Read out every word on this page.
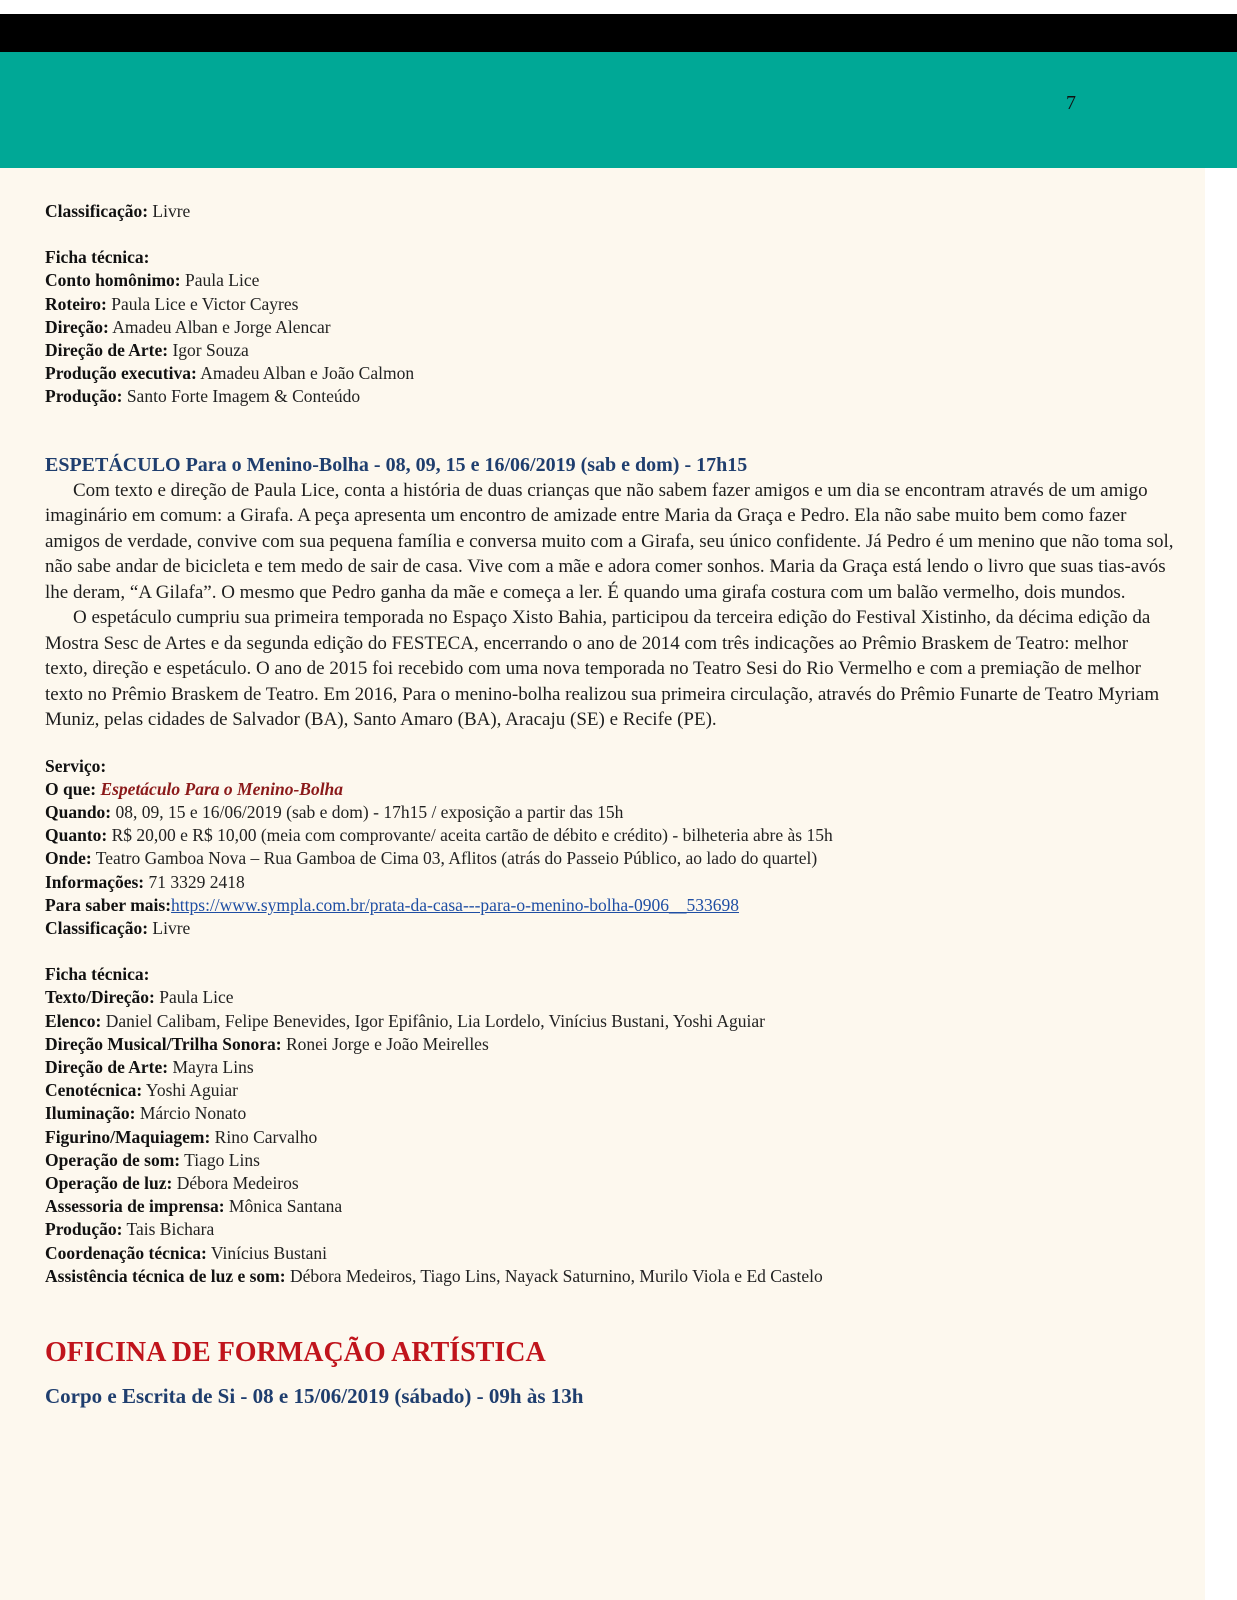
7
Classificação: Livre
Ficha técnica:
Conto homônimo: Paula Lice
Roteiro: Paula Lice e Victor Cayres
Direção: Amadeu Alban e Jorge Alencar
Direção de Arte: Igor Souza
Produção executiva: Amadeu Alban e João Calmon
Produção: Santo Forte Imagem & Conteúdo
ESPETÁCULO Para o Menino-Bolha - 08, 09, 15 e 16/06/2019 (sab e dom) - 17h15

Com texto e direção de Paula Lice, conta a história de duas crianças que não sabem fazer amigos e um dia se encontram através de um amigo imaginário em comum: a Girafa. A peça apresenta um encontro de amizade entre Maria da Graça e Pedro. Ela não sabe muito bem como fazer amigos de verdade, convive com sua pequena família e conversa muito com a Girafa, seu único confidente. Já Pedro é um menino que não toma sol, não sabe andar de bicicleta e tem medo de sair de casa. Vive com a mãe e adora comer sonhos. Maria da Graça está lendo o livro que suas tias-avós lhe deram, “A Gilafa”. O mesmo que Pedro ganha da mãe e começa a ler. É quando uma girafa costura com um balão vermelho, dois mundos.

O espetáculo cumpriu sua primeira temporada no Espaço Xisto Bahia, participou da terceira edição do Festival Xistinho, da décima edição da Mostra Sesc de Artes e da segunda edição do FESTECA, encerrando o ano de 2014 com três indicações ao Prêmio Braskem de Teatro: melhor texto, direção e espetáculo. O ano de 2015 foi recebido com uma nova temporada no Teatro Sesi do Rio Vermelho e com a premiação de melhor texto no Prêmio Braskem de Teatro. Em 2016, Para o menino-bolha realizou sua primeira circulação, através do Prêmio Funarte de Teatro Myriam Muniz, pelas cidades de Salvador (BA), Santo Amaro (BA), Aracaju (SE) e Recife (PE).

Serviço:
O que: Espetáculo Para o Menino-Bolha
Quando: 08, 09, 15 e 16/06/2019 (sab e dom) - 17h15 / exposição a partir das 15h
Quanto: R$ 20,00 e R$ 10,00 (meia com comprovante/ aceita cartão de débito e crédito) - bilheteria abre às 15h
Onde: Teatro Gamboa Nova – Rua Gamboa de Cima 03, Aflitos (atrás do Passeio Público, ao lado do quartel)
Informações: 71 3329 2418
Para saber mais:https://www.sympla.com.br/prata-da-casa---para-o-menino-bolha-0906__533698
Classificação: Livre
Ficha técnica:
Texto/Direção: Paula Lice
Elenco: Daniel Calibam, Felipe Benevides, Igor Epifânio, Lia Lordelo, Vinícius Bustani, Yoshi Aguiar
Direção Musical/Trilha Sonora: Ronei Jorge e João Meirelles
Direção de Arte: Mayra Lins
Cenotécnica: Yoshi Aguiar
Iluminação: Márcio Nonato
Figurino/Maquiagem: Rino Carvalho
Operação de som: Tiago Lins
Operação de luz: Débora Medeiros
Assessoria de imprensa: Mônica Santana
Produção: Tais Bichara
Coordenação técnica: Vinícius Bustani
Assistência técnica de luz e som: Débora Medeiros, Tiago Lins, Nayack Saturnino, Murilo Viola e Ed Castelo
OFICINA DE FORMAÇÃO ARTÍSTICA
Corpo e Escrita de Si - 08 e 15/06/2019 (sábado) - 09h às 13h
